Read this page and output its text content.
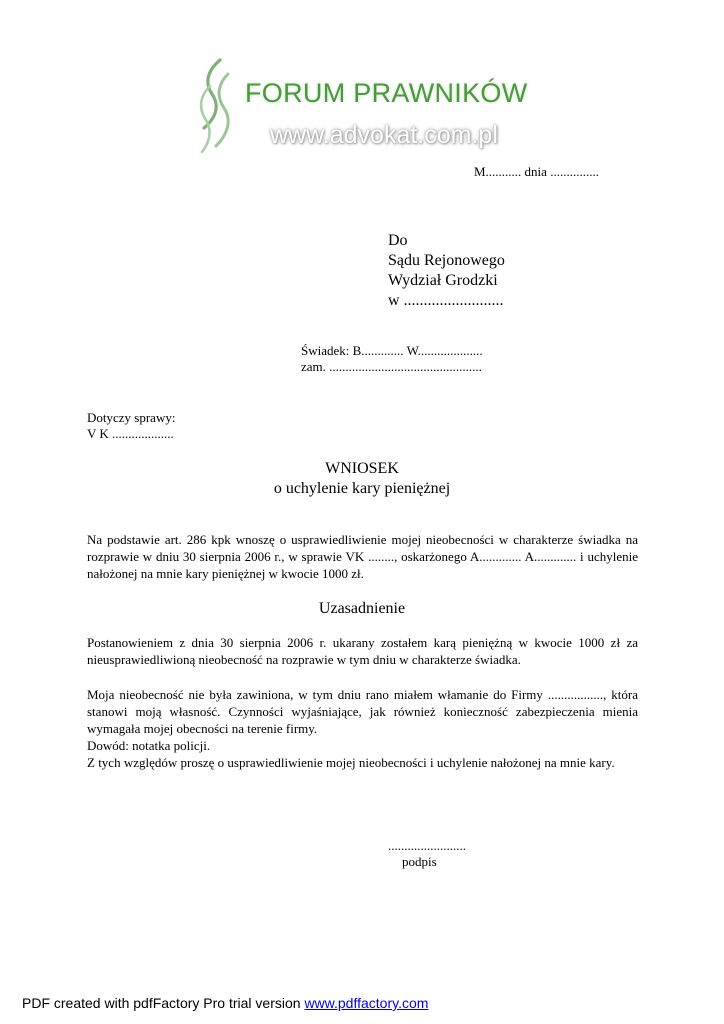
FORUM PRAWNIKÓW
www.advokat.com.pl
M........... dnia ...............
Do
Sądu Rejonowego
Wydział Grodzki
w .........................
Świadek: B............. W....................
zam. ...............................................
Dotyczy sprawy:
V K ...................
WNIOSEK
o uchylenie kary pieniężnej
Na podstawie art. 286 kpk wnoszę o usprawiedliwienie mojej nieobecności w charakterze świadka na rozprawie w dniu 30 sierpnia 2006 r., w sprawie VK ........, oskarżonego A............. A............. i uchylenie nałożonej na mnie kary pieniężnej w kwocie 1000 zł.
Uzasadnienie
Postanowieniem z dnia 30 sierpnia 2006 r. ukarany zostałem karą pieniężną w kwocie 1000 zł za nieusprawiedliwioną nieobecność na rozprawie w tym dniu w charakterze świadka.
Moja nieobecność nie była zawiniona, w tym dniu rano miałem włamanie do Firmy ................., która stanowi moją własność. Czynności wyjaśniające, jak również konieczność zabezpieczenia mienia wymagała mojej obecności na terenie firmy.
Dowód: notatka policji.
Z tych względów proszę o usprawiedliwienie mojej nieobecności i uchylenie nałożonej na mnie kary.
........................
podpis
PDF created with pdfFactory Pro trial version www.pdffactory.com
